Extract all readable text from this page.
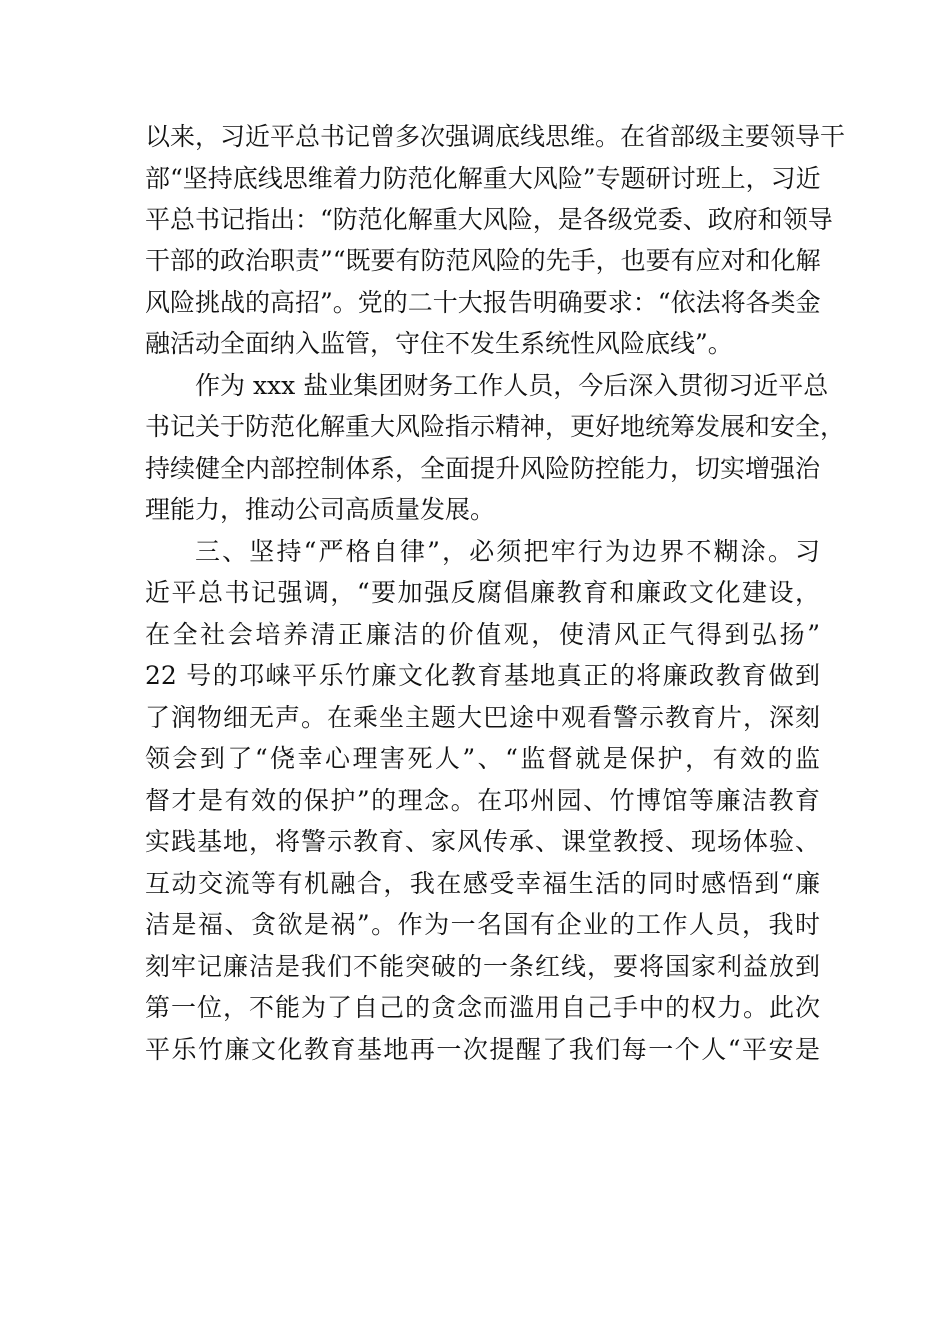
以来，习近平总书记曾多次强调底线思维。在省部级主要领导干
部“坚持底线思维着力防范化解重大风险”专题研讨班上，习近
平总书记指出：“防范化解重大风险，是各级党委、政府和领导
干部的政治职责”“既要有防范风险的先手，也要有应对和化解
风险挑战的高招”。党的二十大报告明确要求：“依法将各类金
融活动全面纳入监管，守住不发生系统性风险底线”。
作为 xxx 盐业集团财务工作人员，今后深入贯彻习近平总
书记关于防范化解重大风险指示精神，更好地统筹发展和安全，
持续健全内部控制体系，全面提升风险防控能力，切实增强治
理能力，推动公司高质量发展。
三、坚持“严格自律”，必须把牢行为边界不糊涂。习
近平总书记强调，“要加强反腐倡廉教育和廉政文化建设，
在全社会培养清正廉洁的价值观，使清风正气得到弘扬”
22 号的邛崃平乐竹廉文化教育基地真正的将廉政教育做到
了润物细无声。在乘坐主题大巴途中观看警示教育片，深刻
领会到了“侥幸心理害死人”、“监督就是保护，有效的监
督才是有效的保护”的理念。在邛州园、竹博馆等廉洁教育
实践基地，将警示教育、家风传承、课堂教授、现场体验、
互动交流等有机融合，我在感受幸福生活的同时感悟到“廉
洁是福、贪欲是祸”。作为一名国有企业的工作人员，我时
刻牢记廉洁是我们不能突破的一条红线，要将国家利益放到
第一位，不能为了自己的贪念而滥用自己手中的权力。此次
平乐竹廉文化教育基地再一次提醒了我们每一个人“平安是
